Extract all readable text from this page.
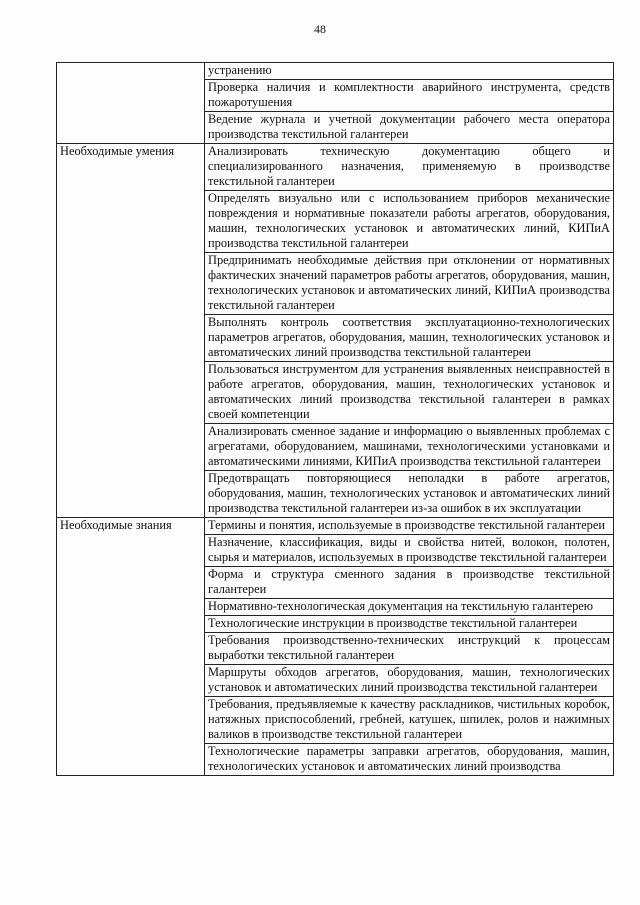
48

	устранению

	Проверка наличия и комплектности аварийного инструмента, средств пожаротушения

	Ведение журнала и учетной документации рабочего места оператора производства текстильной галантереи

Необходимые умения	Анализировать техническую документацию общего и специализированного назначения, применяемую в производстве текстильной галантереи

	Определять визуально или с использованием приборов механические повреждения и нормативные показатели работы агрегатов, оборудования, машин, технологических установок и автоматических линий, КИПиА производства текстильной галантереи

	Предпринимать необходимые действия при отклонении от нормативных фактических значений параметров работы агрегатов, оборудования, машин, технологических установок и автоматических линий, КИПиА производства текстильной галантереи

	Выполнять контроль соответствия эксплуатационно-технологических параметров агрегатов, оборудования, машин, технологических установок и автоматических линий производства текстильной галантереи

	Пользоваться инструментом для устранения выявленных неисправностей в работе агрегатов, оборудования, машин, технологических установок и автоматических линий производства текстильной галантереи в рамках своей компетенции

	Анализировать сменное задание и информацию о выявленных проблемах с агрегатами, оборудованием, машинами, технологическими установками и автоматическими линиями, КИПиА производства текстильной галантереи

	Предотвращать повторяющиеся неполадки в работе агрегатов, оборудования, машин, технологических установок и автоматических линий производства текстильной галантереи из-за ошибок в их эксплуатации

Необходимые знания	Термины и понятия, используемые в производстве текстильной галантереи

	Назначение, классификация, виды и свойства нитей, волокон, полотен, сырья и материалов, используемых в производстве текстильной галантереи

	Форма и структура сменного задания в производстве текстильной галантереи

	Нормативно-технологическая документация на текстильную галантерею

	Технологические инструкции в производстве текстильной галантереи

	Требования производственно-технических инструкций к процессам выработки текстильной галантереи

	Маршруты обходов агрегатов, оборудования, машин, технологических установок и автоматических линий производства текстильной галантереи

	Требования, предъявляемые к качеству раскладников, чистильных коробок, натяжных приспособлений, гребней, катушек, шпилек, ролов и нажимных валиков в производстве текстильной галантереи

	Технологические параметры заправки агрегатов, оборудования, машин, технологических установок и автоматических линий производства
